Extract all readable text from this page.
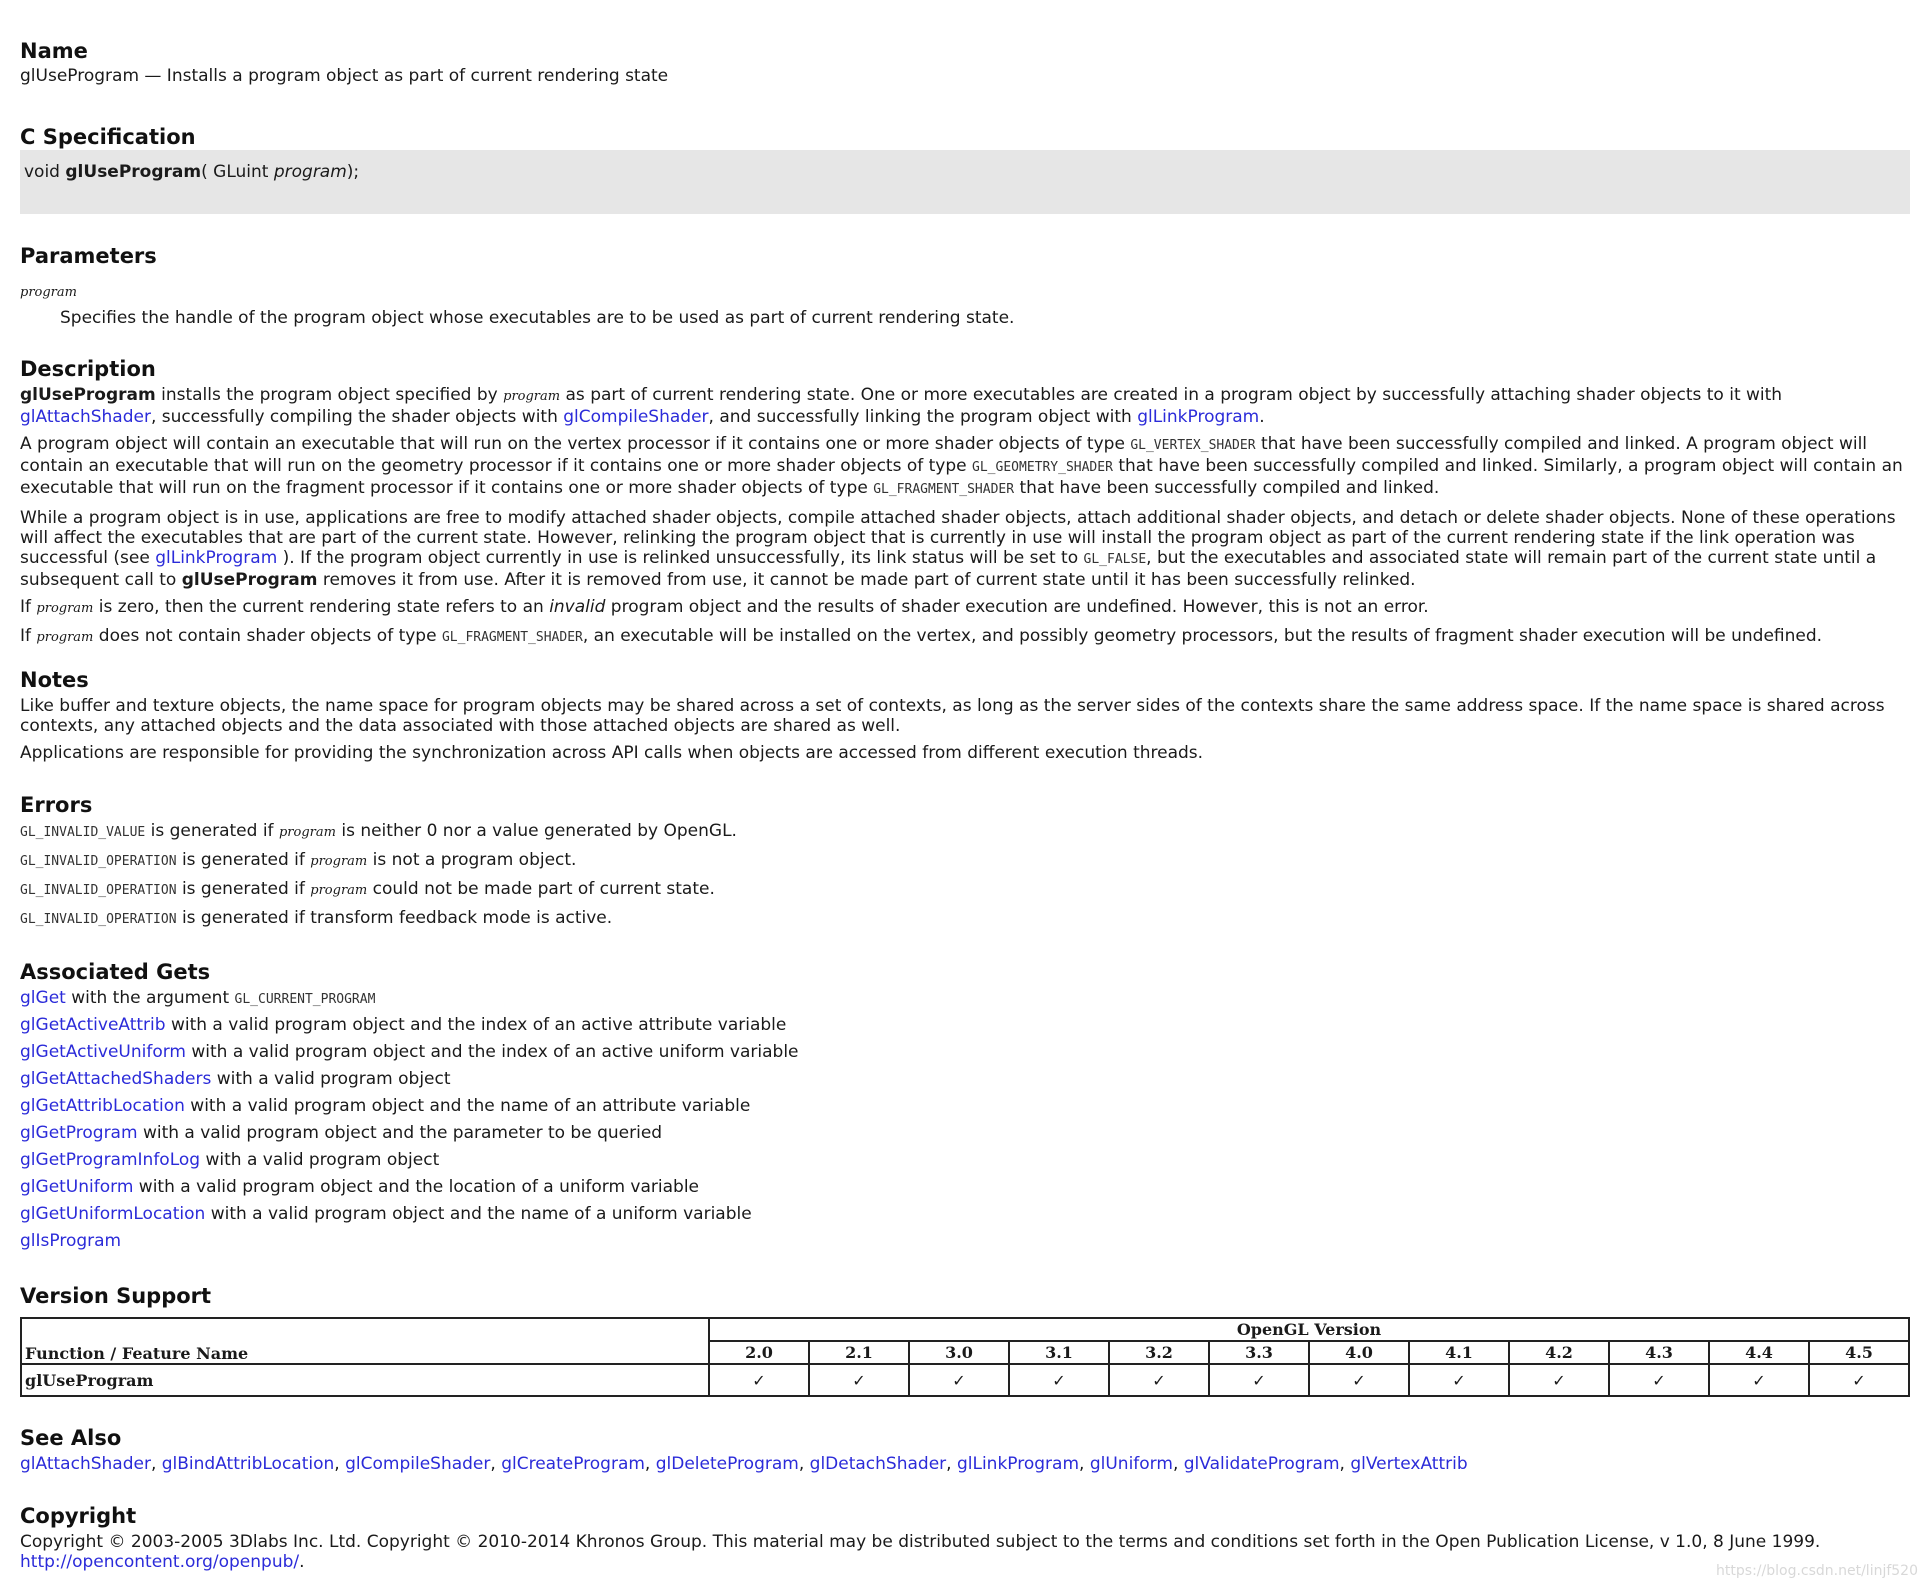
Name

glUseProgram — Installs a program object as part of current rendering state

C Specification
void glUseProgram( GLuint program);
Parameters
program
Specifies the handle of the program object whose executables are to be used as part of current rendering state.
Description

glUseProgram installs the program object specified by program as part of current rendering state. One or more executables are created in a program object by successfully attaching shader objects to it with glAttachShader, successfully compiling the shader objects with glCompileShader, and successfully linking the program object with glLinkProgram.

A program object will contain an executable that will run on the vertex processor if it contains one or more shader objects of type GL_VERTEX_SHADER that have been successfully compiled and linked. A program object will contain an executable that will run on the geometry processor if it contains one or more shader objects of type GL_GEOMETRY_SHADER that have been successfully compiled and linked. Similarly, a program object will contain an executable that will run on the fragment processor if it contains one or more shader objects of type GL_FRAGMENT_SHADER that have been successfully compiled and linked.

While a program object is in use, applications are free to modify attached shader objects, compile attached shader objects, attach additional shader objects, and detach or delete shader objects. None of these operations will affect the executables that are part of the current state. However, relinking the program object that is currently in use will install the program object as part of the current rendering state if the link operation was successful (see glLinkProgram ). If the program object currently in use is relinked unsuccessfully, its link status will be set to GL_FALSE, but the executables and associated state will remain part of the current state until a subsequent call to glUseProgram removes it from use. After it is removed from use, it cannot be made part of current state until it has been successfully relinked.

If program is zero, then the current rendering state refers to an invalid program object and the results of shader execution are undefined. However, this is not an error.

If program does not contain shader objects of type GL_FRAGMENT_SHADER, an executable will be installed on the vertex, and possibly geometry processors, but the results of fragment shader execution will be undefined.

Notes

Like buffer and texture objects, the name space for program objects may be shared across a set of contexts, as long as the server sides of the contexts share the same address space. If the name space is shared across contexts, any attached objects and the data associated with those attached objects are shared as well.

Applications are responsible for providing the synchronization across API calls when objects are accessed from different execution threads.

Errors
GL_INVALID_VALUE is generated if program is neither 0 nor a value generated by OpenGL.
GL_INVALID_OPERATION is generated if program is not a program object.
GL_INVALID_OPERATION is generated if program could not be made part of current state.
GL_INVALID_OPERATION is generated if transform feedback mode is active.
Associated Gets
glGet with the argument GL_CURRENT_PROGRAM
glGetActiveAttrib with a valid program object and the index of an active attribute variable
glGetActiveUniform with a valid program object and the index of an active uniform variable
glGetAttachedShaders with a valid program object
glGetAttribLocation with a valid program object and the name of an attribute variable
glGetProgram with a valid program object and the parameter to be queried
glGetProgramInfoLog with a valid program object
glGetUniform with a valid program object and the location of a uniform variable
glGetUniformLocation with a valid program object and the name of a uniform variable
glIsProgram
Version Support
Function / Feature Name	OpenGL Version											
	2.0	2.1	3.0	3.1	3.2	3.3	4.0	4.1	4.2	4.3	4.4	4.5
glUseProgram	✓	✓	✓	✓	✓	✓	✓	✓	✓	✓	✓	✓
See Also

glAttachShader, glBindAttribLocation, glCompileShader, glCreateProgram, glDeleteProgram, glDetachShader, glLinkProgram, glUniform, glValidateProgram, glVertexAttrib

Copyright

Copyright © 2003-2005 3Dlabs Inc. Ltd. Copyright © 2010-2014 Khronos Group. This material may be distributed subject to the terms and conditions set forth in the Open Publication License, v 1.0, 8 June 1999. http://opencontent.org/openpub/.	https://blog.csdn.net/linjf520
